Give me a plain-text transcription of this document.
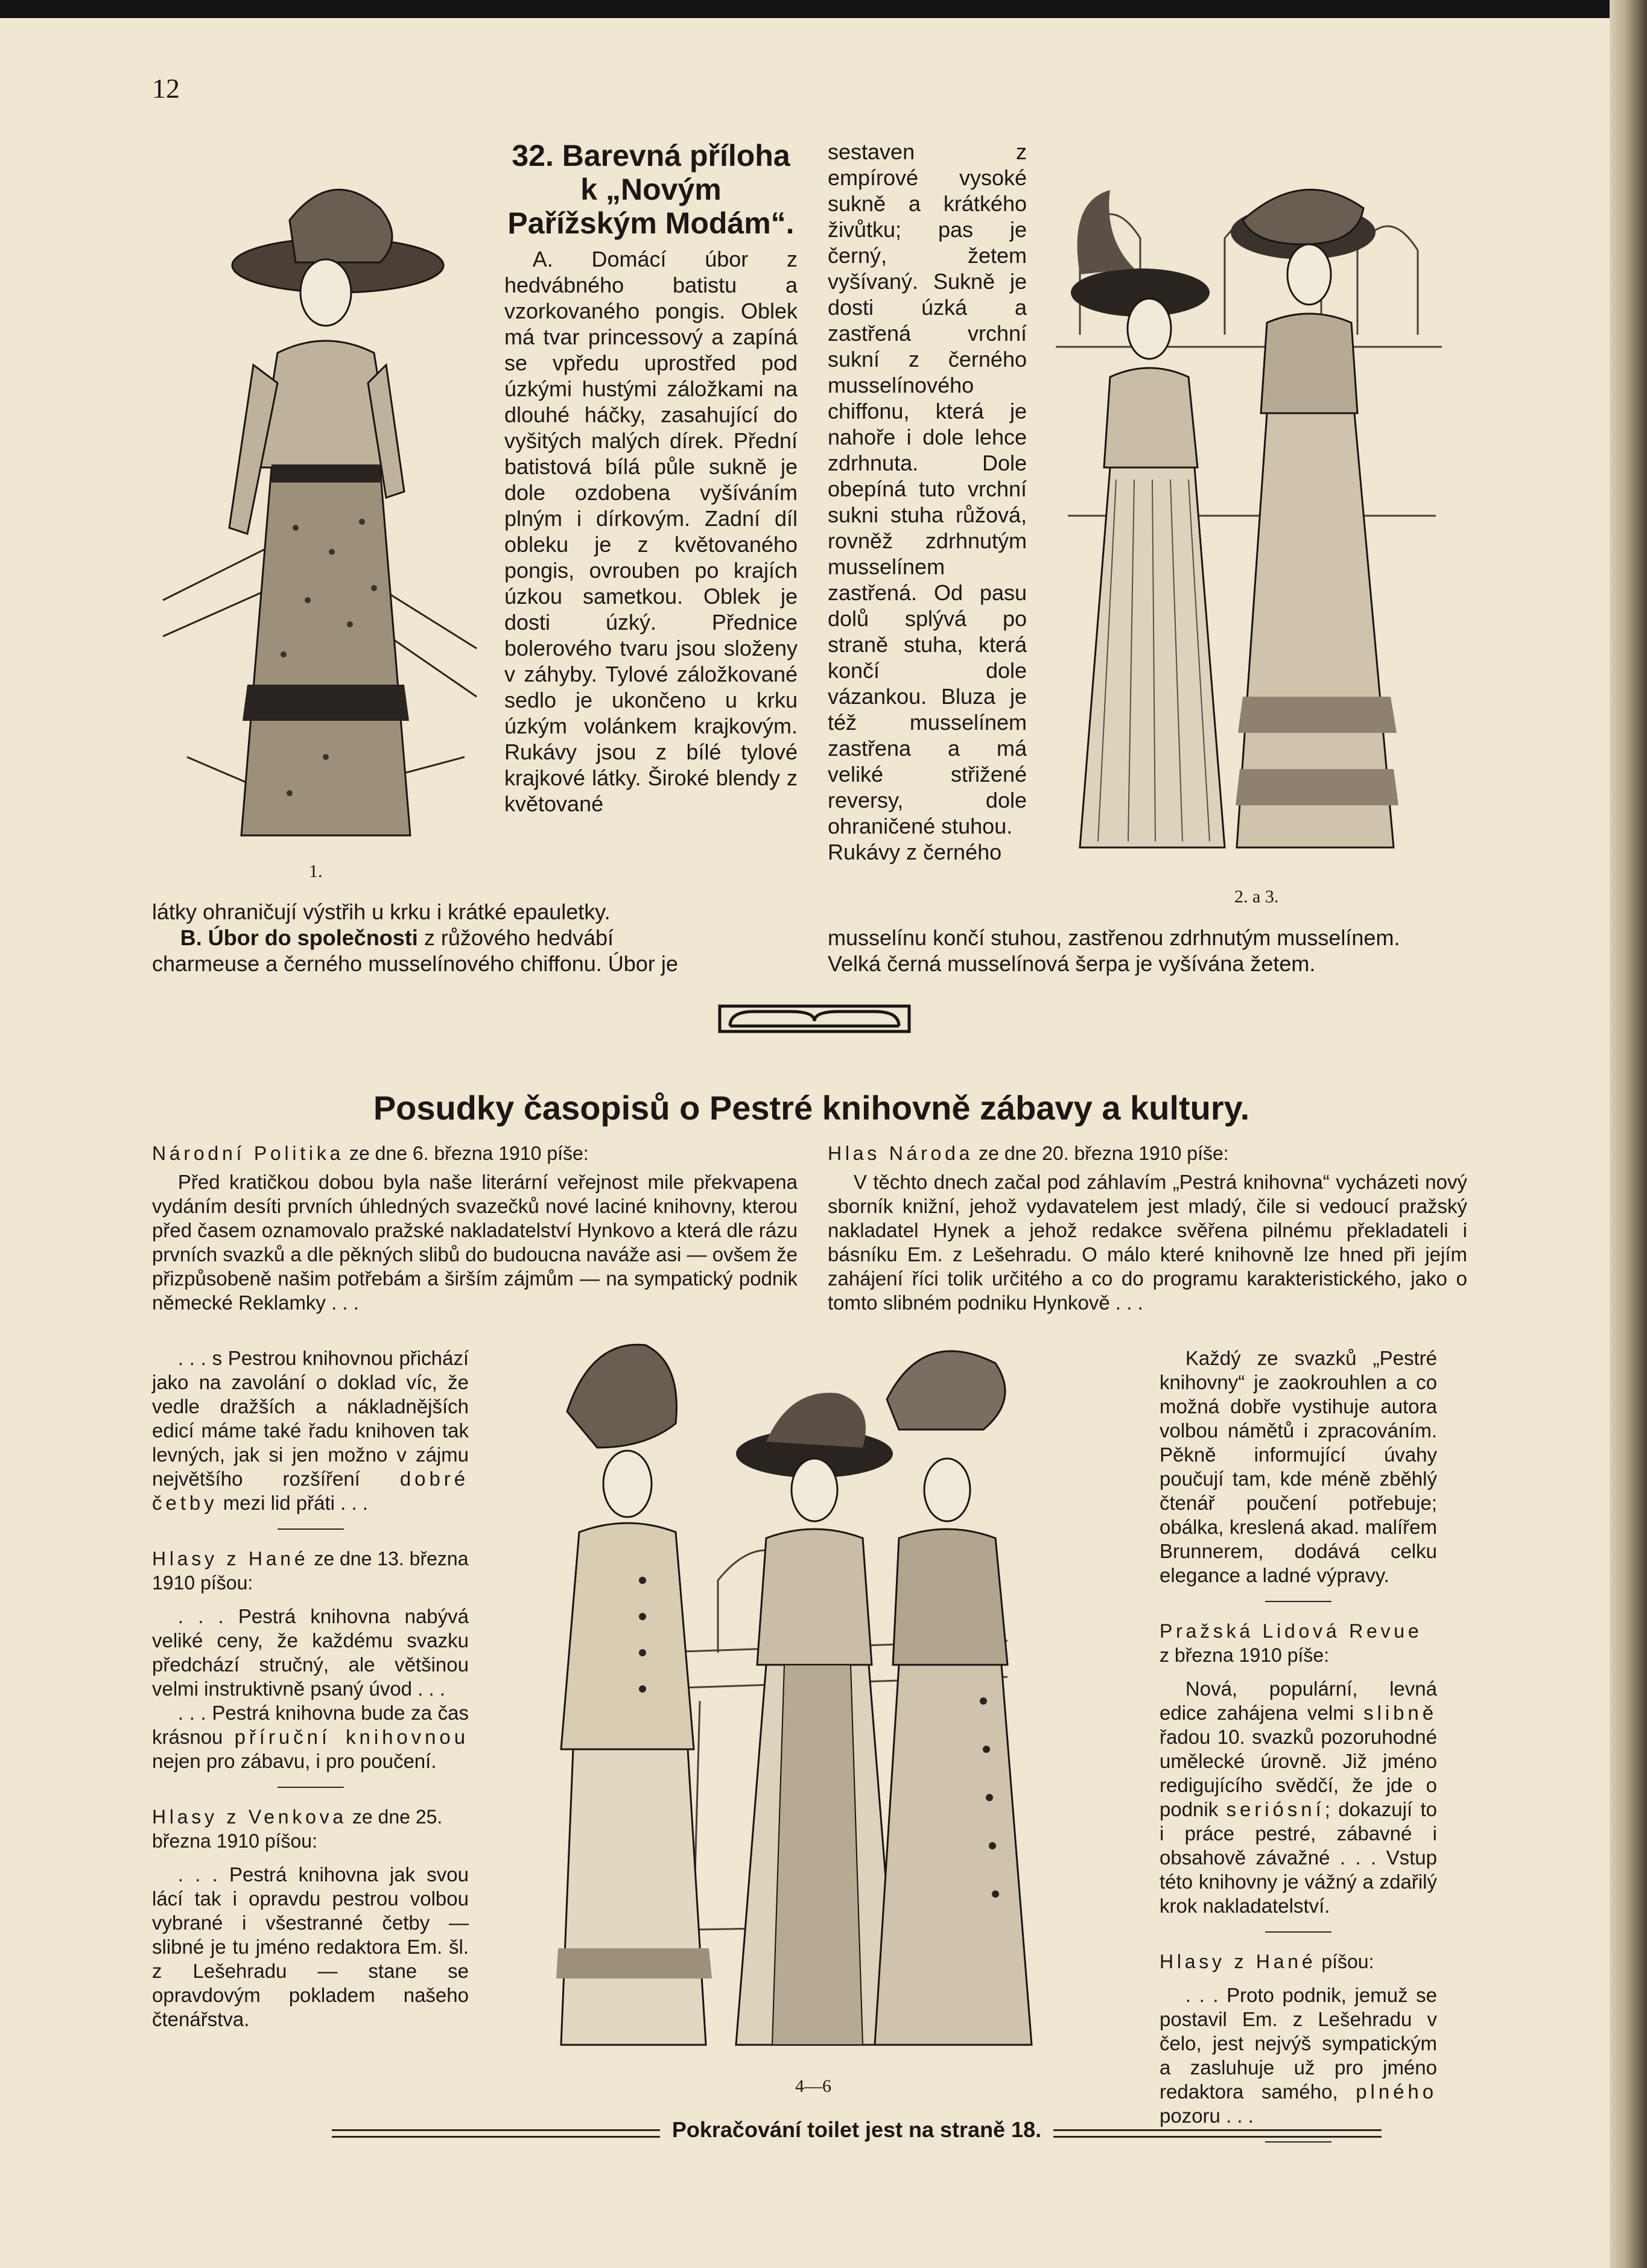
12
1.

32. Barevná příloha k „Novým Pařížským Modám“.

A. Domácí úbor z hedvábného batistu a vzorkovaného pongis. Oblek má tvar princessový a zapíná se vpředu uprostřed pod úzkými hustými záložkami na dlouhé háčky, zasahující do vyšitých malých dírek. Přední batistová bílá půle sukně je dole ozdobena vyšíváním plným i dírkovým. Zadní díl obleku je z květovaného pongis, ovrouben po krajích úzkou sametkou. Oblek je dosti úzký. Přednice bolerového tvaru jsou složeny v záhyby. Tylové záložkované sedlo je ukončeno u krku úzkým volánkem krajkovým. Rukávy jsou z bílé tylové krajkové látky. Široké blendy z květované

sestaven z empírové vysoké sukně a krátkého živůtku; pas je černý, žetem vyšívaný. Sukně je dosti úzká a zastřená vrchní sukní z černého musselínového chiffonu, která je nahoře i dole lehce zdrhnuta. Dole obepíná tuto vrchní sukni stuha růžová, rovněž zdrhnutým musselínem zastřená. Od pasu dolů splývá po straně stuha, která končí dole vázankou. Bluza je též musselínem zastřena a má veliké střižené reversy, dole ohraničené stuhou.

Rukávy z černého

2. a 3.

látky ohraničují výstřih u krku i krátké epauletky.

B. Úbor do společnosti z růžového hedvábí

charmeuse a černého musselínového chiffonu. Úbor je

musselínu končí stuhou, zastřenou zdrhnutým musselínem.

Velká černá musselínová šerpa je vyšívána žetem.

Posudky časopisů o Pestré knihovně zábavy a kultury.

Národní Politika ze dne 6. března 1910 píše:

Před kratičkou dobou byla naše literární veřejnost mile překvapena vydáním desíti prvních úhledných svazečků nové laciné knihovny, kterou před časem oznamovalo pražské nakladatelství Hynkovo a která dle rázu prvních svazků a dle pěkných slibů do budoucna naváže asi — ovšem že přizpůsobeně našim potřebám a širším zájmům — na sympatický podnik německé Reklamky . . .

. . . s Pestrou knihovnou přichází jako na zavolání o doklad víc, že vedle dražších a nákladnějších edicí máme také řadu knihoven tak levných, jak si jen možno v zájmu největšího rozšíření dobré četby mezi lid přáti . . .

Hlasy z Hané ze dne 13. března 1910 píšou:

. . . Pestrá knihovna nabývá veliké ceny, že každému svazku předchází stručný, ale většinou velmi instruktivně psaný úvod . . .

. . . Pestrá knihovna bude za čas krásnou příruční knihovnou nejen pro zábavu, i pro poučení.

Hlasy z Venkova ze dne 25. března 1910 píšou:

. . . Pestrá knihovna jak svou lácí tak i opravdu pestrou volbou vybrané i všestranné četby — slibné je tu jméno redaktora Em. šl. z Lešehradu — stane se opravdovým pokladem našeho čtenářstva.

4—6

Hlas Národa ze dne 20. března 1910 píše:

V těchto dnech začal pod záhlavím „Pestrá knihovna“ vycházeti nový sborník knižní, jehož vydavatelem jest mladý, čile si vedoucí pražský nakladatel Hynek a jehož redakce svěřena pilnému překladateli i básníku Em. z Lešehradu. O málo které knihovně lze hned při jejím zahájení říci tolik určitého a co do programu karakteristického, jako o tomto slibném podniku Hynkově . . .

Každý ze svazků „Pestré knihovny“ je zaokrouhlen a co možná dobře vystihuje autora volbou námětů i zpracováním. Pěkně informující úvahy poučují tam, kde méně zběhlý čtenář poučení potřebuje; obálka, kreslená akad. malířem Brunnerem, dodává celku elegance a ladné výpravy.

Pražská Lidová Revue z března 1910 píše:

Nová, populární, levná edice zahájena velmi slibně řadou 10. svazků pozoruhodné umělecké úrovně. Již jméno redigujícího svědčí, že jde o podnik seriósní; dokazují to i práce pestré, zábavné i obsahově závažné . . . Vstup této knihovny je vážný a zdařilý krok nakladatelství.

Hlasy z Hané píšou:

. . . Proto podnik, jemuž se postavil Em. z Lešehradu v čelo, jest nejvýš sympatickým a zasluhuje už pro jméno redaktora samého, plného pozoru . . .

Pokračování toilet jest na straně 18.
